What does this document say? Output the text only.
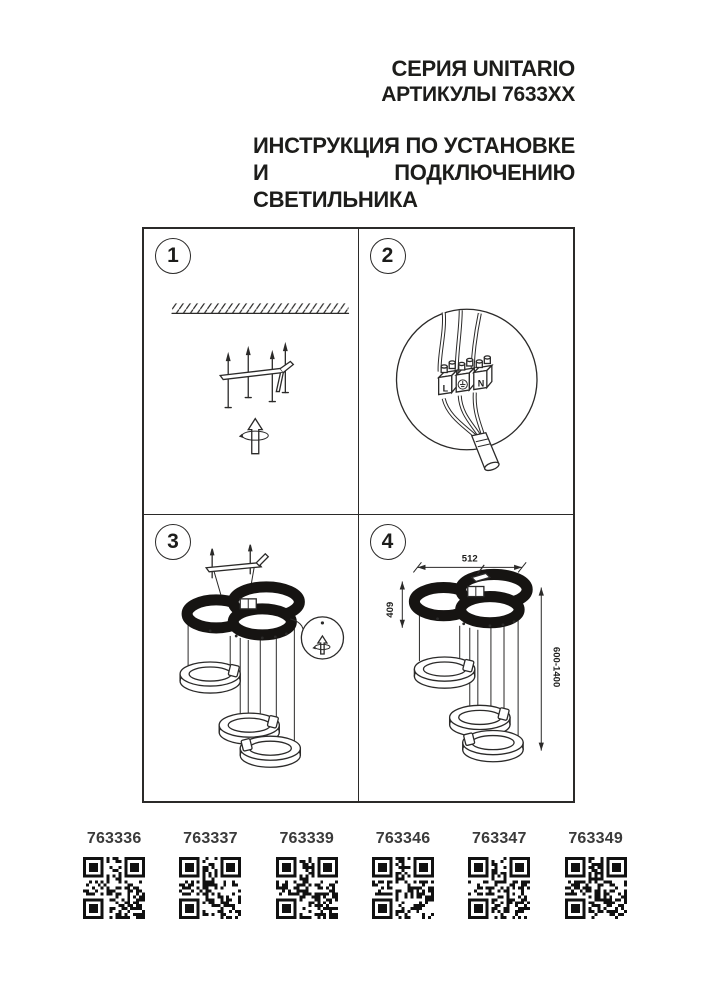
СЕРИЯ UNITARIO
АРТИКУЛЫ 7633XX
ИНСТРУКЦИЯ ПО УСТАНОВКЕ
И ПОДКЛЮЧЕНИЮ СВЕТИЛЬНИКА
1	2
L
N
3	4
512
409
600-1400
763336	763337	763339	763346	763347	763349
